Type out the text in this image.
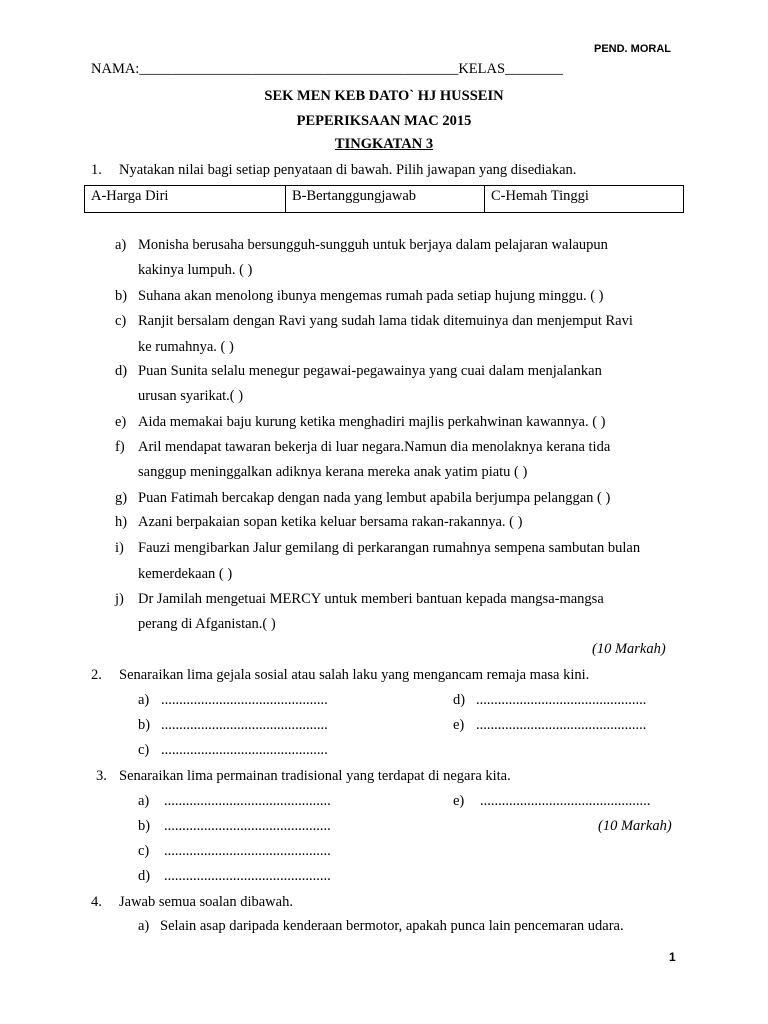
PEND. MORAL
NAMA:____________________________________________KELAS________
SEK MEN KEB DATO` HJ HUSSEIN
PEPERIKSAAN MAC 2015
TINGKATAN 3
1. Nyatakan nilai bagi setiap penyataan di bawah. Pilih jawapan yang disediakan.
A-Harga Diri	B-Bertanggungjawab	C-Hemah Tinggi
a) Monisha berusaha bersungguh-sungguh untuk berjaya dalam pelajaran walaupun
kakinya lumpuh. ( )
b) Suhana akan menolong ibunya mengemas rumah pada setiap hujung minggu. ( )
c) Ranjit bersalam dengan Ravi yang sudah lama tidak ditemuinya dan menjemput Ravi
ke rumahnya. ( )
d) Puan Sunita selalu menegur pegawai-pegawainya yang cuai dalam menjalankan
urusan syarikat.( )
e) Aida memakai baju kurung ketika menghadiri majlis perkahwinan kawannya. ( )
f) Aril mendapat tawaran bekerja di luar negara.Namun dia menolaknya kerana tida
sanggup meninggalkan adiknya kerana mereka anak yatim piatu ( )
g) Puan Fatimah bercakap dengan nada yang lembut apabila berjumpa pelanggan ( )
h) Azani berpakaian sopan ketika keluar bersama rakan-rakannya. ( )
i) Fauzi mengibarkan Jalur gemilang di perkarangan rumahnya sempena sambutan bulan
kemerdekaan ( )
j) Dr Jamilah mengetuai MERCY untuk memberi bantuan kepada mangsa-mangsa
perang di Afganistan.( )
(10 Markah)
2. Senaraikan lima gejala sosial atau salah laku yang mengancam remaja masa kini.
a) ..............................................
b) ..............................................
c) ..............................................
d) ...............................................
e) ...............................................
3. Senaraikan lima permainan tradisional yang terdapat di negara kita.
a) ..............................................
b) ..............................................
c) ..............................................
d) ..............................................
e) ...............................................
(10 Markah)
4. Jawab semua soalan dibawah.
a) Selain asap daripada kenderaan bermotor, apakah punca lain pencemaran udara.
1
